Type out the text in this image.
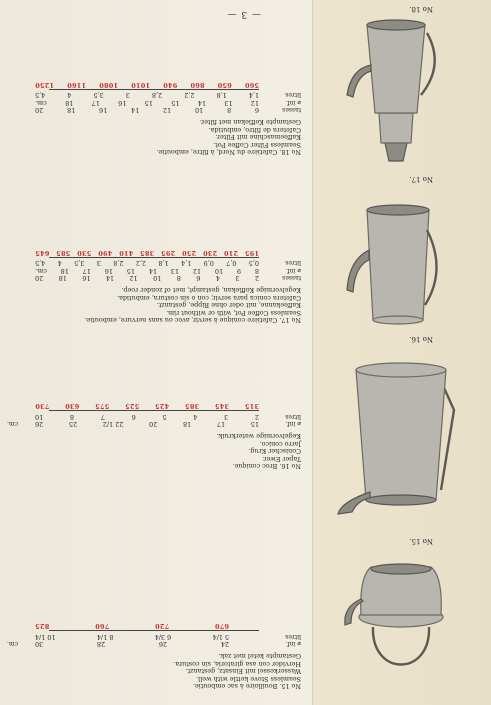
No 15.
No 16.
No 17.
No 18.
— 3 —
No 15. Bouilloire à sac emboutie.
Seamless Stove kettle with well.
Wasserkessel mit Einsatz, gestanzt.
Hervidor con asa giratoria, sin costura.
Gestampte ketel met zak.
⌀ inf.
24
26
28
30
cm.
litres
5 1/4
6 3/4
8 1/4
10 1/4
670
720
760
825
No 16. Broc conique.
Taper Ewer.
Conischer Krug.
Jarro conico.
Kegelvormige waterkruik.
⌀ inf.
15
17
18
20
22 1/2
25
26
cm.
litres
2
3
4
5
6
7
8
10
315
345
385
425
525
575
630
730
No 17. Cafetière conique à servir, avec ou sans nervure, emboutie.
Seamless Coffee Pot, with or without rim.
Kaffeekanne, mit oder ohne Rippe, gestanzt.
Cafetera conica para servir, con o sin costura, embutida.
Kegelvormige Koffiekan, gestampt, met of zonder roep.
tasses
2
3
4
6
8
10
12
14
16
18
20
⌀ inf.
8
9
10
12
13
14
15
16
17
18
cm.
litres
0,5
0,7
0,9
1,4
1,8
2,2
2,8
3
3,5
4
4,5
195
210
230
250
295
385
410
490
530
585
645
No 18. Cafetière du Nord, à filtre, emboutie.
Seamless Filter Coffee Pot.
Kaffeemaschine mit Filter.
Cafetera de filtro, embutida.
Gestampte Koffiekan met filter.
tasses
6
8
10
12
14
16
18
20
⌀ inf.
12
13
14
15
15
16
17
18
cm.
litres
1,4
1,8
2,2
2,8
3
3,5
4
4,5
560
650
860
940
1010
1080
1160
1250
